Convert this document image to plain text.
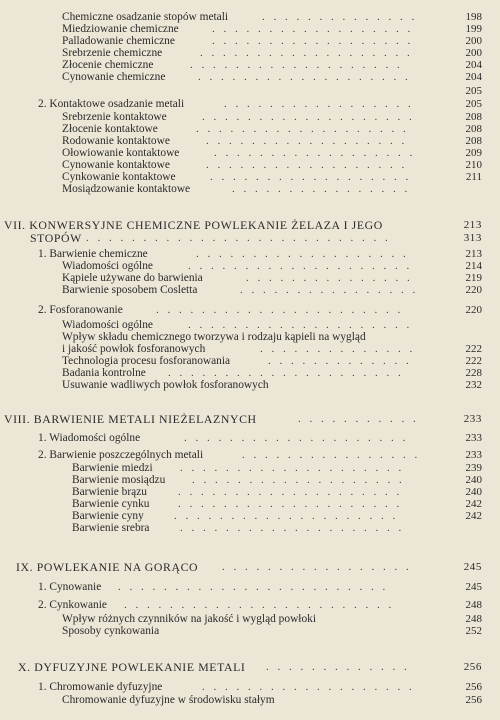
Chemiczne osadzanie stopów metali	. . . . . . . . . . . . . .	198
Miedziowanie chemiczne	. . . . . . . . . . . . . . . . . .	199
Palladowanie chemiczne	. . . . . . . . . . . . . . . . . .	200
Srebrzenie chemiczne	. . . . . . . . . . . . . . . . . . .	200
Złocenie chemiczne	. . . . . . . . . . . . . . . . . . .	204
Cynowanie chemiczne	. . . . . . . . . . . . . . . . . . .	204
205
2. Kontaktowe osadzanie metali	. . . . . . . . . . . . . . . . .	205
Srebrzenie kontaktowe	. . . . . . . . . . . . . . . . . . .	208
Złocenie kontaktowe	. . . . . . . . . . . . . . . . . . .	208
Rodowanie kontaktowe	. . . . . . . . . . . . . . . . . .	208
Ołowiowanie kontaktowe	. . . . . . . . . . . . . . . . . .	209
Cynowanie kontaktowe	. . . . . . . . . . . . . . . . . .	210
Cynkowanie kontaktowe	. . . . . . . . . . . . . . . . . .	211
Mosiądzowanie kontaktowe	. . . . . . . . . . . . . . . .
VII. KONWERSYJNE CHEMICZNE POWLEKANIE ŻELAZA I JEGO	213
STOPÓW . . . . . . . . . . . . . . . . . . . . . . . . . . .	313
1. Barwienie chemiczne	. . . . . . . . . . . . . . . . . . .	213
Wiadomości ogólne	. . . . . . . . . . . . . . . . . . . .	214
Kąpiele używane do barwienia	. . . . . . . . . . . . . . .	219
Barwienie sposobem Cosletta	. . . . . . . . . . . . . . . .	220
2. Fosforanowanie	. . . . . . . . . . . . . . . . . . . . . .	220
Wiadomości ogólne	. . . . . . . . . . . . . . . . . . . .
Wpływ składu chemicznego tworzywa i rodzaju kąpieli na wygląd
i jakość powłok fosforanowych	. . . . . . . . . . . . . .	222
Technologia procesu fosforanowania	. . . . . . . . . . . . .	222
Badania kontrolne . . . . . . . . . . . . . . . . . . . . .	228
Usuwanie wadliwych powłok fosforanowych	232
VIII. BARWIENIE METALI NIEŻELAZNYCH	. . . . . . . . . . .	233
1. Wiadomości ogólne	. . . . . . . . . . . . . . . . . . . .	233
2. Barwienie poszczególnych metali	. . . . . . . . . . . . . . . .	233
Barwienie miedzi . . . . . . . . . . . . . . . . . . . .	239
Barwienie mosiądzu . . . . . . . . . . . . . . . . . . .	240
Barwienie brązu	. . . . . . . . . . . . . . . . . . . .	240
Barwienie cynku	. . . . . . . . . . . . . . . . . . . .	242
Barwienie cyny	. . . . . . . . . . . . . . . . . . . .	242
Barwienie srebra	. . . . . . . . . . . . . . . . . . . .
IX. POWLEKANIE NA GORĄCO . . . . . . . . . . . . . . . . .	245
1. Cynowanie . . . . . . . . . . . . . . . . . . . . . . . .	245
2. Cynkowanie . . . . . . . . . . . . . . . . . . . . . . . .	248
Wpływ różnych czynników na jakość i wygląd powłoki	248
Sposoby cynkowania	252
X. DYFUZYJNE POWLEKANIE METALI . . . . . . . . . . . . .	256
1. Chromowanie dyfuzyjne	. . . . . . . . . . . . . . . . . . .	256
Chromowanie dyfuzyjne w środowisku stałym	256
